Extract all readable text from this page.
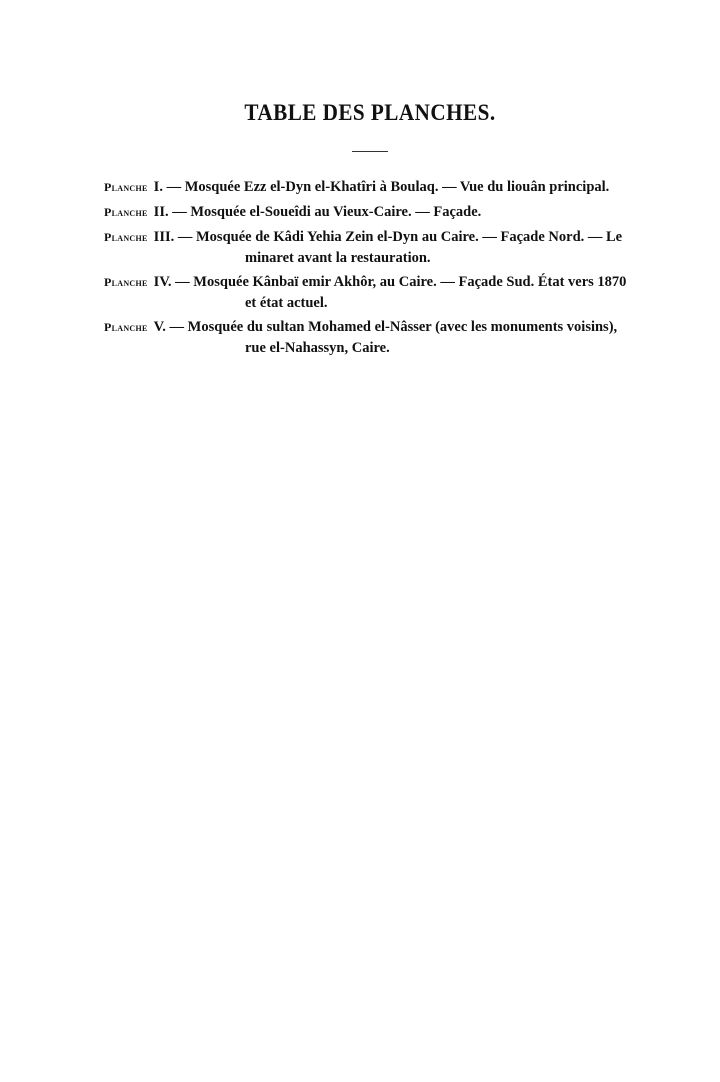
TABLE DES PLANCHES.
Planche I. — Mosquée Ezz el-Dyn el-Khatîri à Boulaq. — Vue du liouân principal.
Planche II. — Mosquée el-Soueîdi au Vieux-Caire. — Façade.
Planche III. — Mosquée de Kâdi Yehia Zein el-Dyn au Caire. — Façade Nord. — Le
minaret avant la restauration.
Planche IV. — Mosquée Kânbaï emir Akhôr, au Caire. — Façade Sud. État vers 1870
et état actuel.
Planche V. — Mosquée du sultan Mohamed el-Nâsser (avec les monuments voisins),
rue el-Nahassyn, Caire.
